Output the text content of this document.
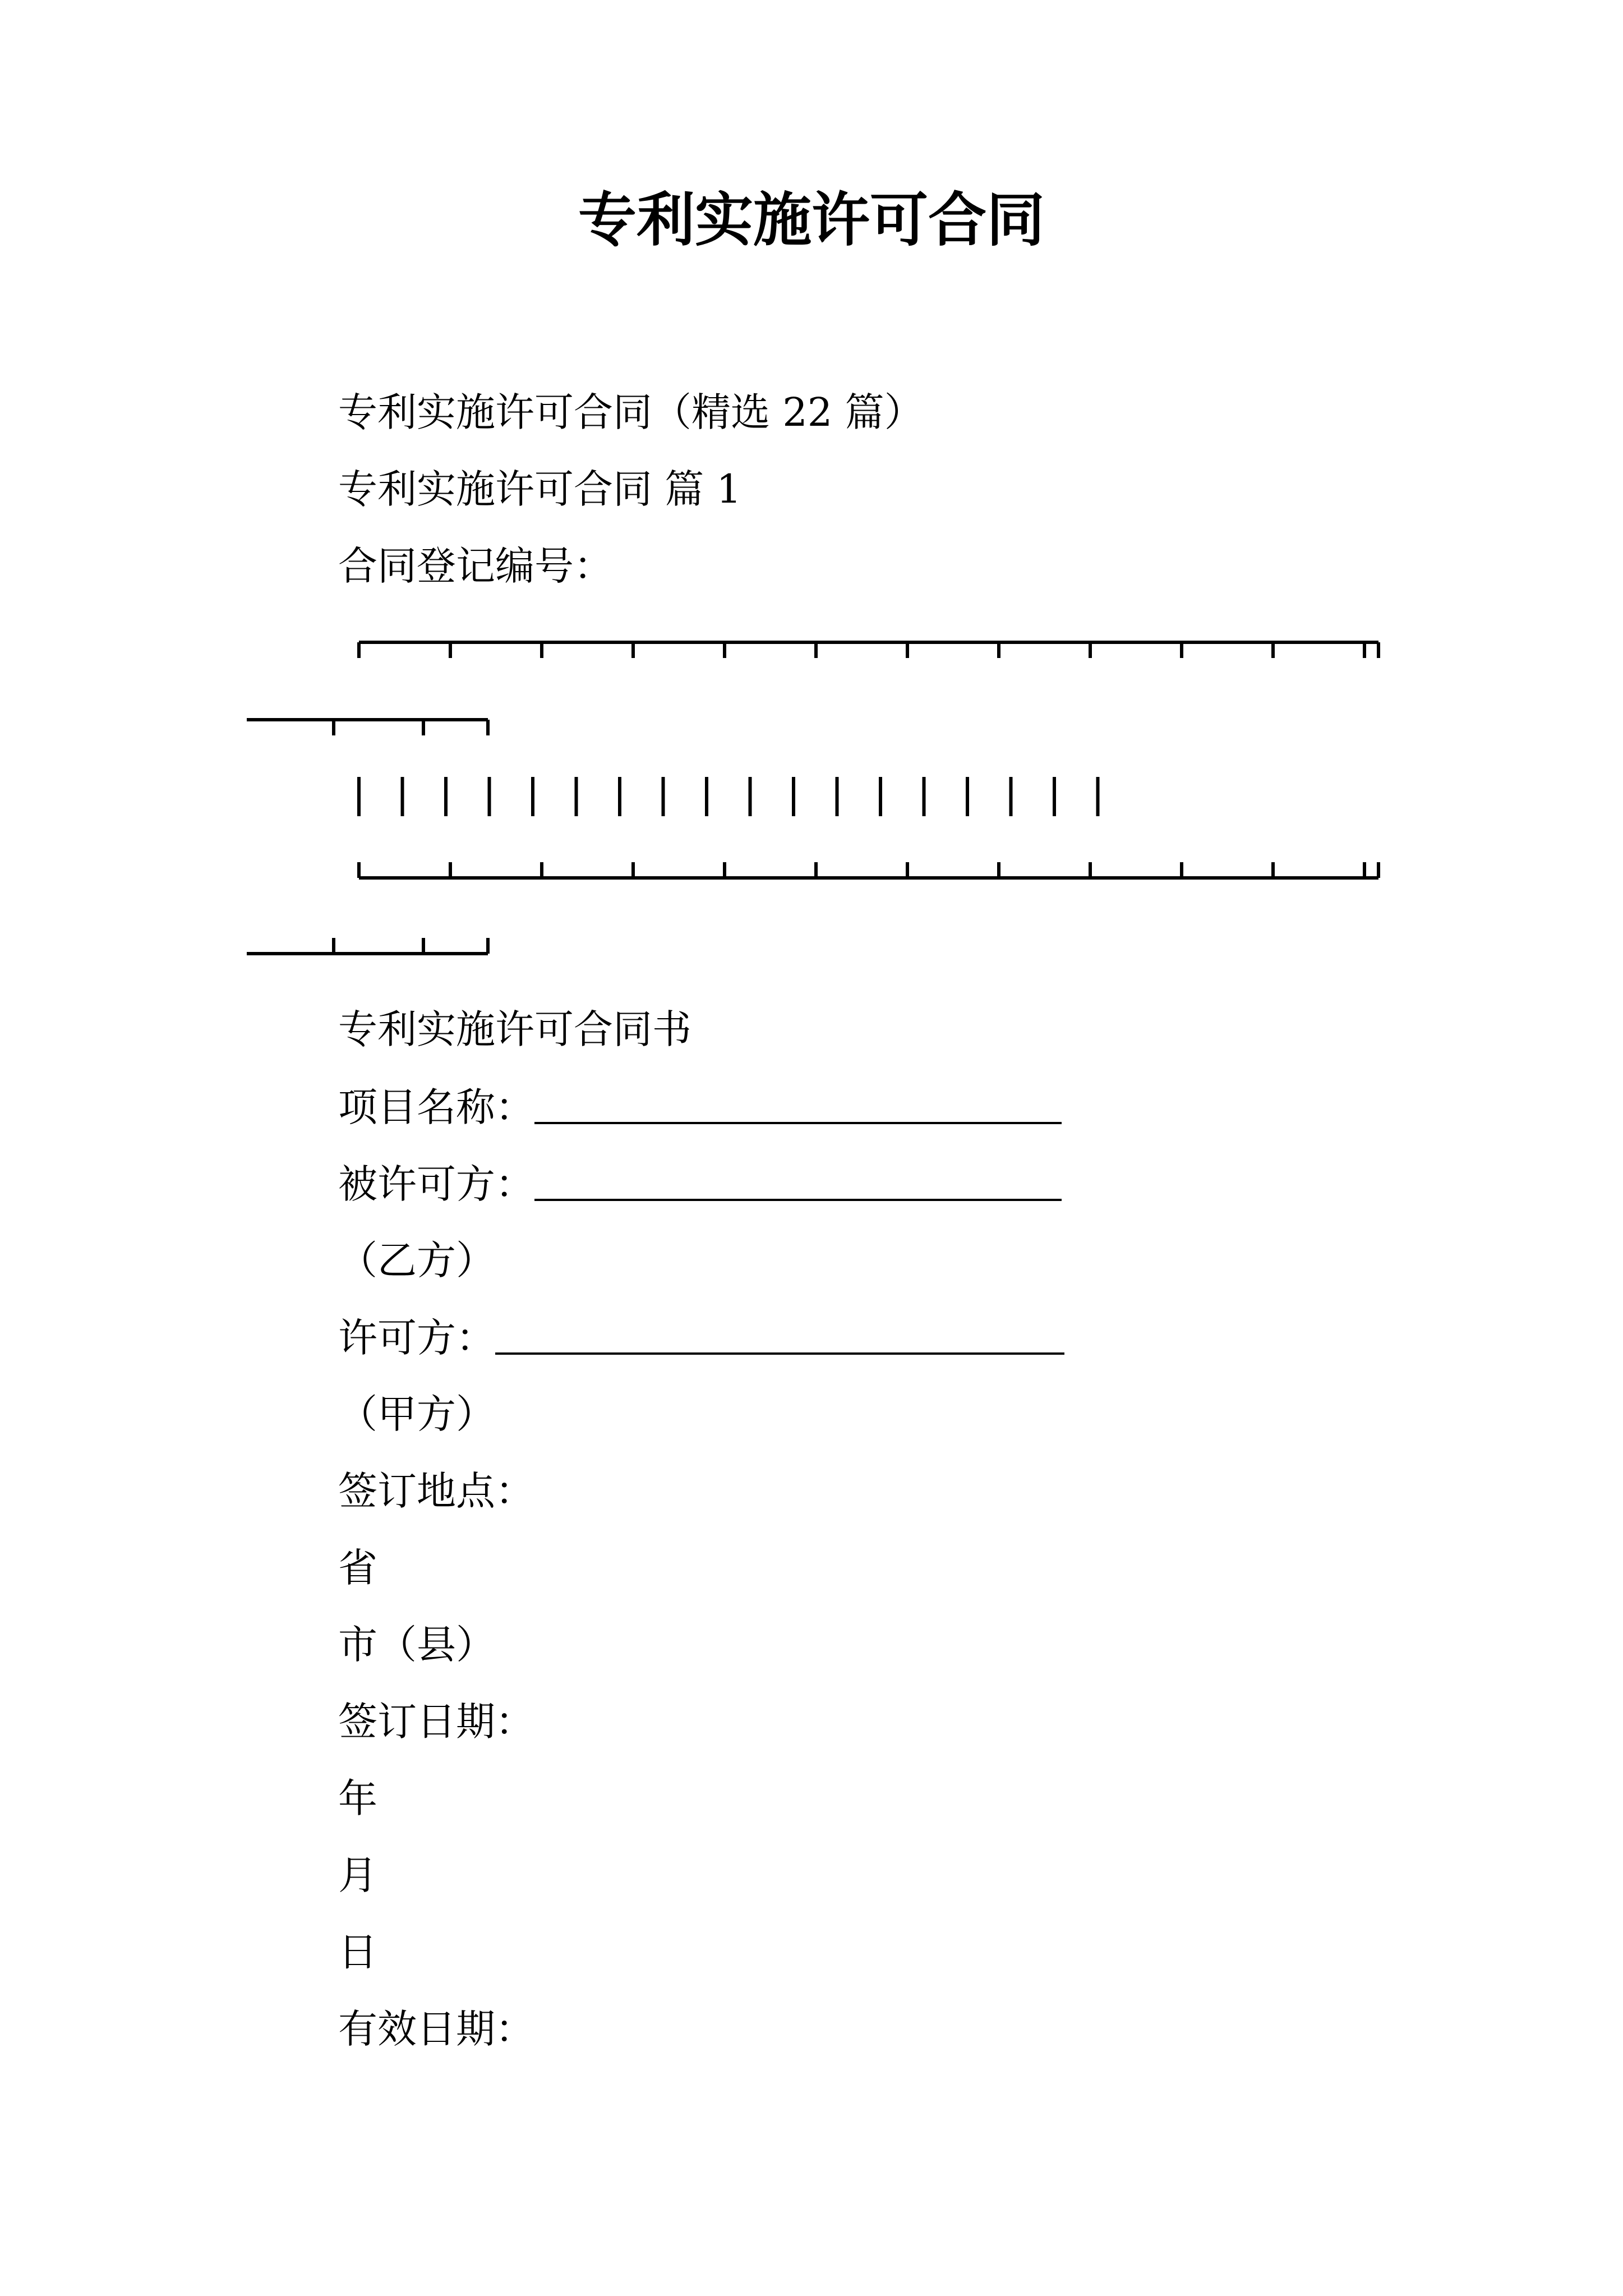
专利实施许可合同
专利实施许可合同（精选 22 篇）
专利实施许可合同 篇 1
合同登记编号：
专利实施许可合同书
项目名称：
被许可方：
（乙方）
许可方：
（甲方）
签订地点：
省
市（县）
签订日期：
年
月
日
有效日期：
